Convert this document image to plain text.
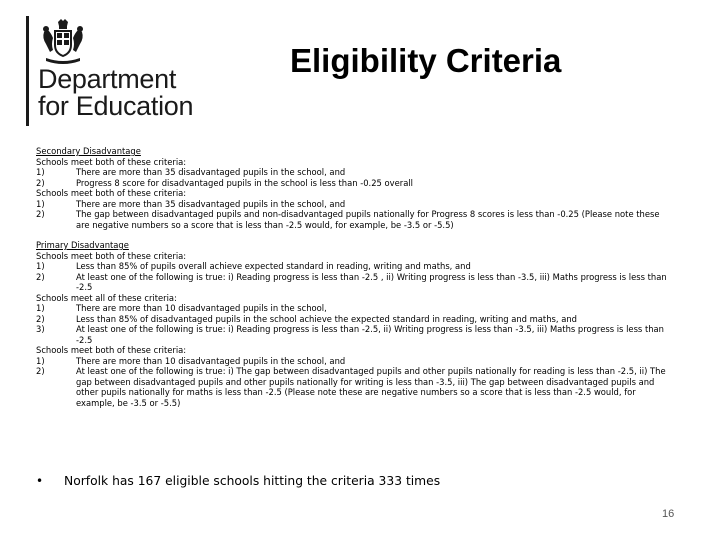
Department
for Education
Eligibility Criteria
Secondary Disadvantage
Schools meet both of these criteria:
1)	There are more than 35 disadvantaged pupils in the school, and
2)	Progress 8 score for disadvantaged pupils in the school is less than -0.25 overall
Schools meet both of these criteria:
1)	There are more than 35 disadvantaged pupils in the school, and
2)	The gap between disadvantaged pupils and non-disadvantaged pupils nationally for Progress 8 scores is less than -0.25 (Please note these are negative numbers so a score that is less than -2.5 would, for example, be -3.5 or -5.5)
Primary Disadvantage
Schools meet both of these criteria:
1)	Less than 85% of pupils overall achieve expected standard in reading, writing and maths, and
2)	At least one of the following is true: i) Reading progress is less than -2.5 , ii) Writing progress is less than -3.5, iii) Maths progress is less than -2.5
Schools meet all of these criteria:
1)	There are more than 10 disadvantaged pupils in the school,
2)	Less than 85% of disadvantaged pupils in the school achieve the expected standard in reading, writing and maths, and
3)	At least one of the following is true: i) Reading progress is less than -2.5, ii) Writing progress is less than -3.5, iii) Maths progress is less than -2.5
Schools meet both of these criteria:
1)	There are more than 10 disadvantaged pupils in the school, and
2)	At least one of the following is true: i) The gap between disadvantaged pupils and other pupils nationally for reading is less than -2.5, ii) The gap between disadvantaged pupils and other pupils nationally for writing is less than -3.5, iii) The gap between disadvantaged pupils and other pupils nationally for maths is less than -2.5 (Please note these are negative numbers so a score that is less than -2.5 would, for example, be -3.5 or -5.5)
•	Norfolk has 167 eligible schools hitting the criteria 333 times
16
